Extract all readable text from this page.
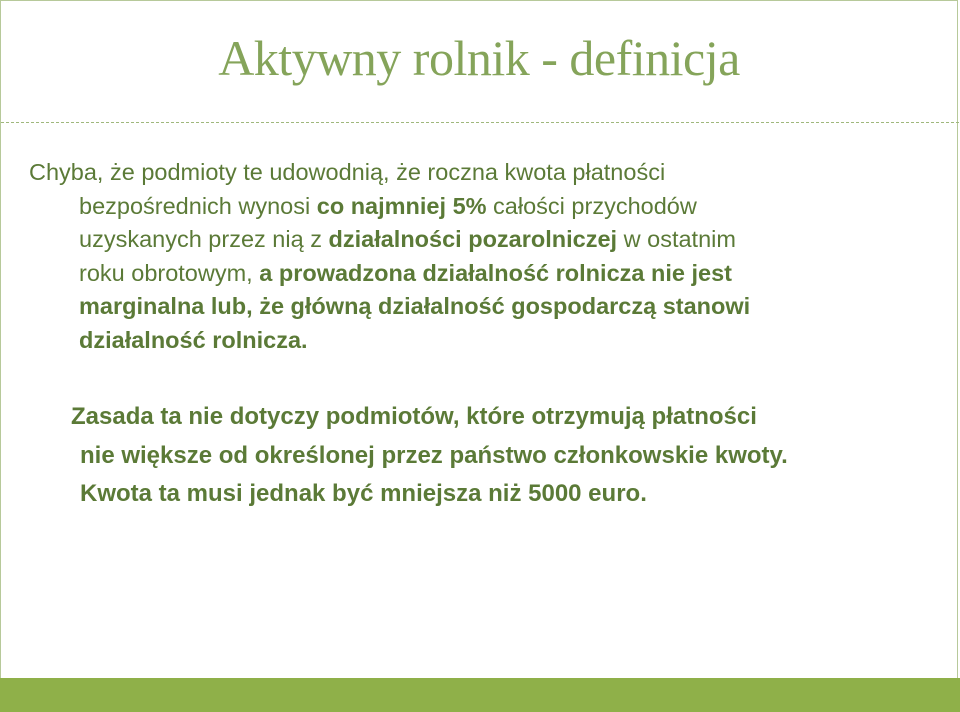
Aktywny rolnik - definicja
Chyba, że podmioty te udowodnią, że roczna kwota płatności
bezpośrednich wynosi co najmniej 5% całości przychodów
uzyskanych przez nią z działalności pozarolniczej w ostatnim
roku obrotowym, a prowadzona działalność rolnicza nie jest
marginalna lub, że główną działalność gospodarczą stanowi
działalność rolnicza.
Zasada ta nie dotyczy podmiotów, które otrzymują płatności
nie większe od określonej przez państwo członkowskie kwoty.
Kwota ta musi jednak być mniejsza niż 5000 euro.
